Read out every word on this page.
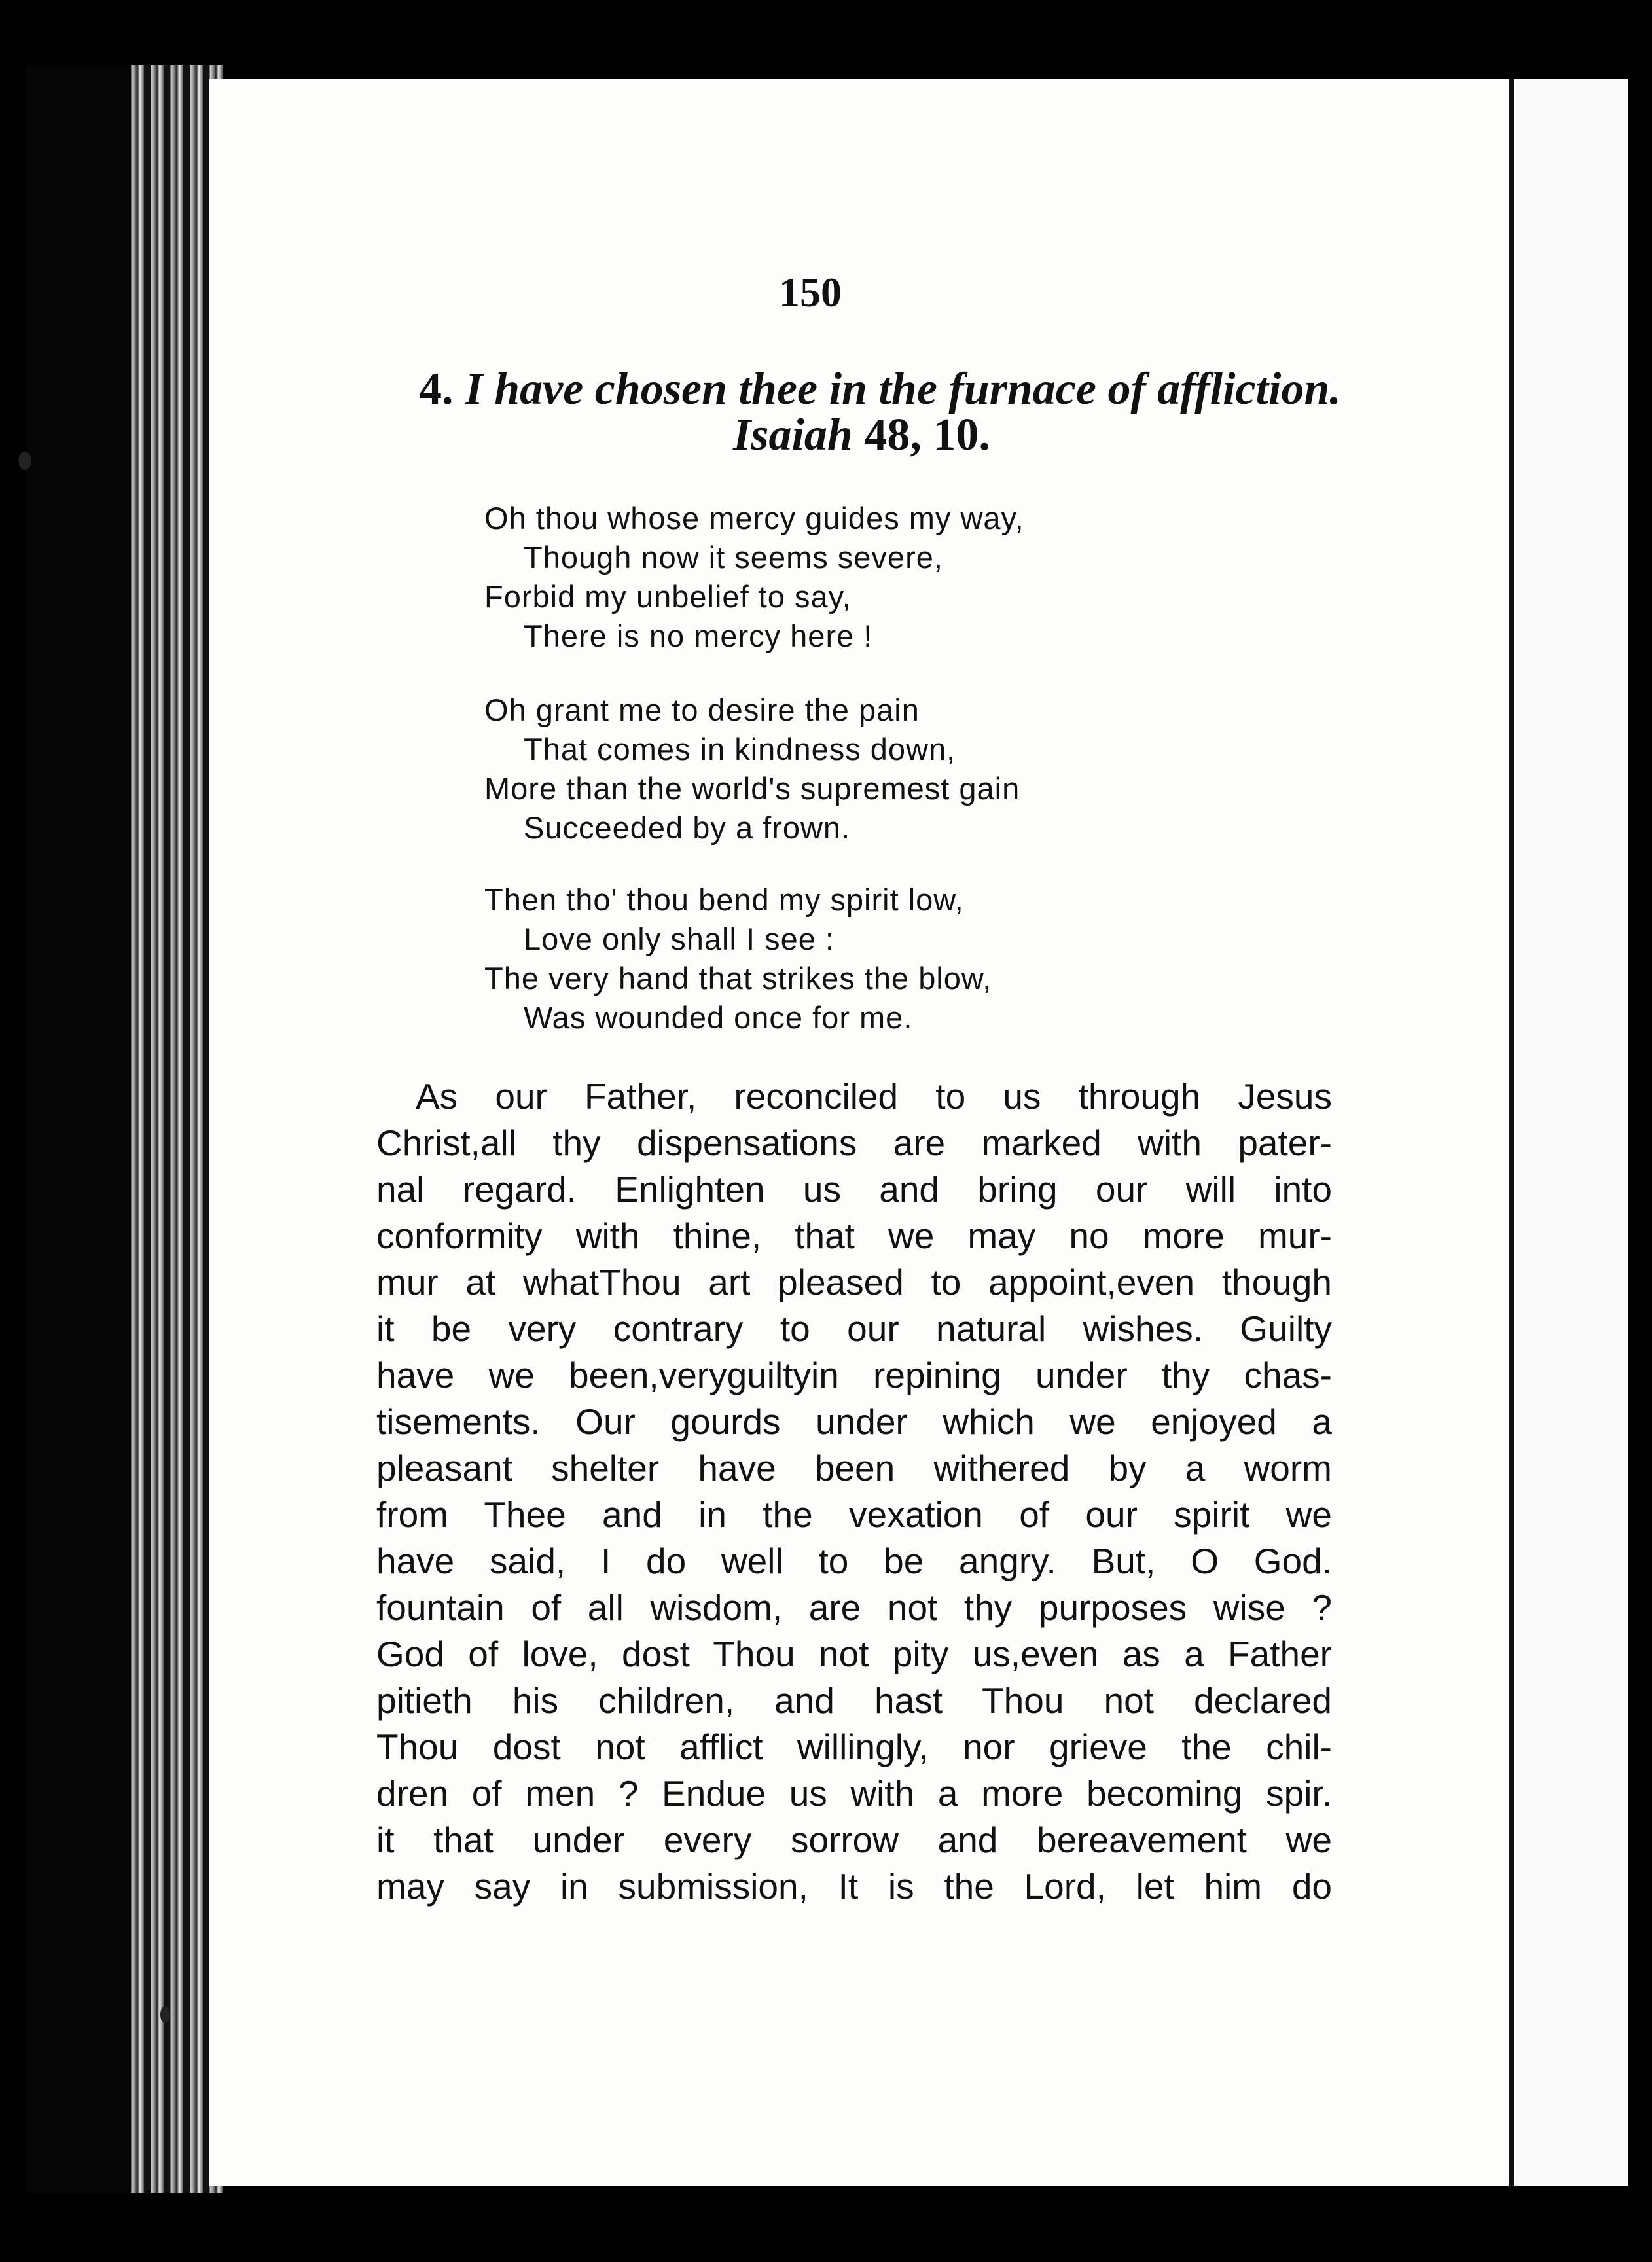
150
4. I have chosen thee in the furnace of affliction.
Isaiah 48, 10.
Oh thou whose mercy guides my way,
Though now it seems severe,
Forbid my unbelief to say,
There is no mercy here !
Oh grant me to desire the pain
That comes in kindness down,
More than the world's supremest gain
Succeeded by a frown.
Then tho' thou bend my spirit low,
Love only shall I see :
The very hand that strikes the blow,
Was wounded once for me.
As our Father, reconciled to us through Jesus
Christ,all thy dispensations are marked with pater-
nal regard. Enlighten us and bring our will into
conformity with thine, that we may no more mur-
mur at whatThou art pleased to appoint,even though
it be very contrary to our natural wishes. Guilty
have we been,veryguiltyin repining under thy chas-
tisements. Our gourds under which we enjoyed a
pleasant shelter have been withered by a worm
from Thee and in the vexation of our spirit we
have said, I do well to be angry. But, O God.
fountain of all wisdom, are not thy purposes wise ?
God of love, dost Thou not pity us,even as a Father
pitieth his children, and hast Thou not declared
Thou dost not afflict willingly, nor grieve the chil-
dren of men ? Endue us with a more becoming spir.
it that under every sorrow and bereavement we
may say in submission, It is the Lord, let him do
